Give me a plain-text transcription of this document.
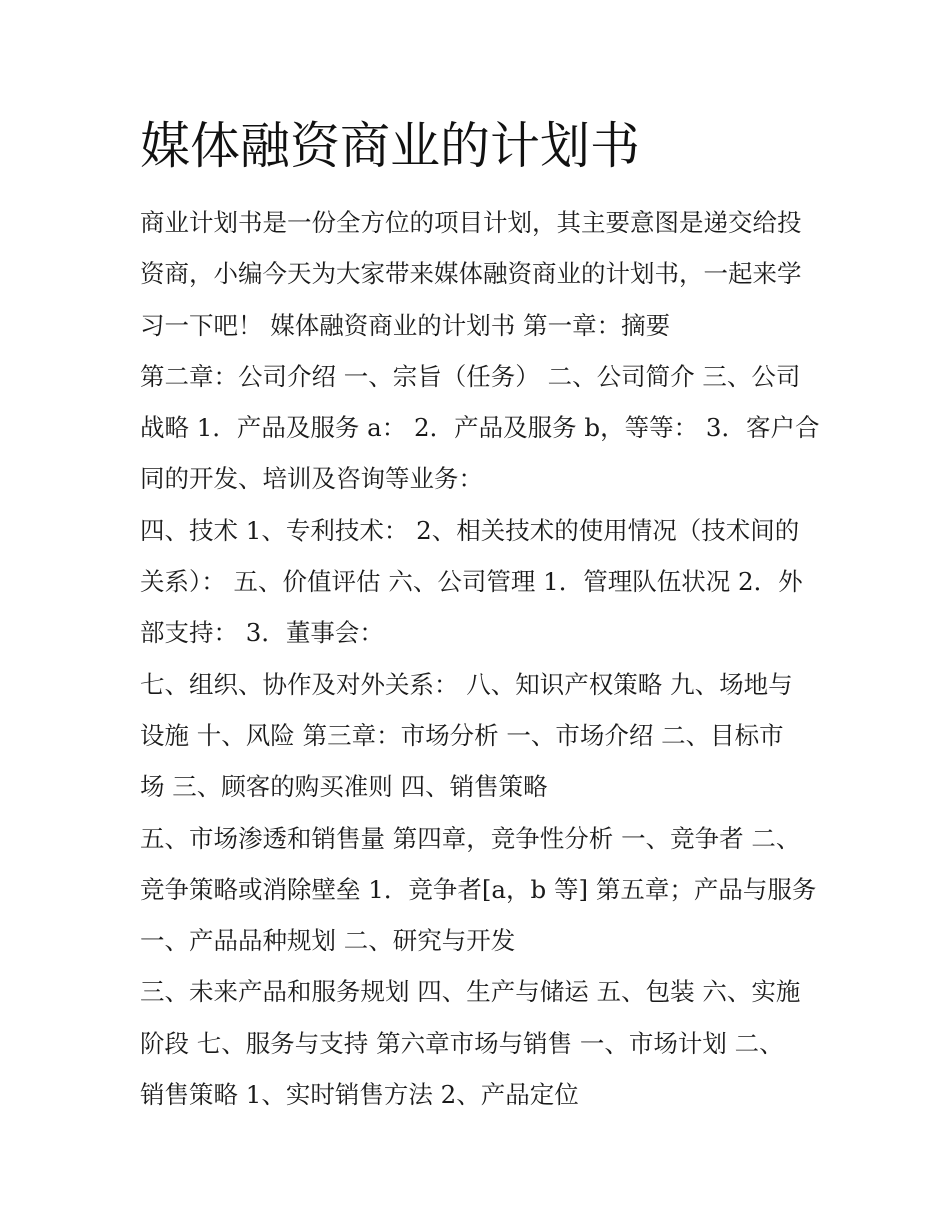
媒体融资商业的计划书
商业计划书是一份全方位的项目计划，其主要意图是递交给投
资商，小编今天为大家带来媒体融资商业的计划书，一起来学
习一下吧！ 媒体融资商业的计划书 第一章：摘要
第二章：公司介绍 一、宗旨（任务） 二、公司简介 三、公司
战略 1．产品及服务 a： 2．产品及服务 b，等等： 3．客户合
同的开发、培训及咨询等业务：
四、技术 1、专利技术： 2、相关技术的使用情况（技术间的
关系）： 五、价值评估 六、公司管理 1．管理队伍状况 2．外
部支持： 3．董事会：
七、组织、协作及对外关系： 八、知识产权策略 九、场地与
设施 十、风险 第三章：市场分析 一、市场介绍 二、目标市
场 三、顾客的购买准则 四、销售策略
五、市场渗透和销售量 第四章，竞争性分析 一、竞争者 二、
竞争策略或消除壁垒 1．竞争者[a，b 等] 第五章；产品与服务
一、产品品种规划 二、研究与开发
三、未来产品和服务规划 四、生产与储运 五、包装 六、实施
阶段 七、服务与支持 第六章市场与销售 一、市场计划 二、
销售策略 1、实时销售方法 2、产品定位
